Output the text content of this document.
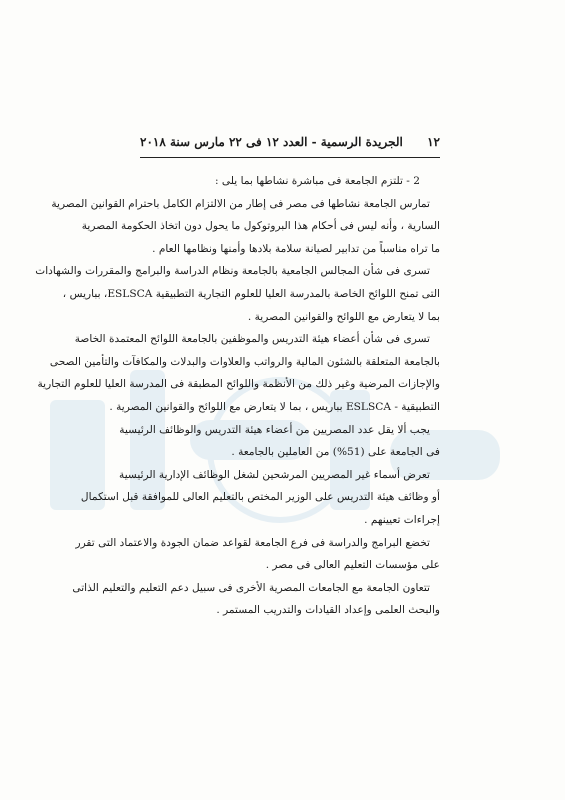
١٢
الجريدة الرسمية - العدد ١٢ فى ٢٢ مارس سنة ٢٠١٨
2 - تلتزم الجامعة فى مباشرة نشاطها بما يلى :
تمارس الجامعة نشاطها فى مصر فى إطار من الالتزام الكامل باحترام القوانين المصرية
السارية ، وأنه ليس فى أحكام هذا البروتوكول ما يحول دون اتخاذ الحكومة المصرية
ما تراه مناسباً من تدابير لصيانة سلامة بلادها وأمنها ونظامها العام .
تسرى فى شأن المجالس الجامعية بالجامعة ونظام الدراسة والبرامج والمقررات والشهادات
التى تمنح اللوائح الخاصة بالمدرسة العليا للعلوم التجارية التطبيقية ESLSCA، بباريس ،
بما لا يتعارض مع اللوائح والقوانين المصرية .
تسرى فى شأن أعضاء هيئة التدريس والموظفين بالجامعة اللوائح المعتمدة الخاصة
بالجامعة المتعلقة بالشئون المالية والرواتب والعلاوات والبدلات والمكافآت والتأمين الصحى
والإجازات المرضية وغير ذلك من الأنظمة واللوائح المطبقة فى المدرسة العليا للعلوم التجارية
التطبيقية - ESLSCA بباريس ، بما لا يتعارض مع اللوائح والقوانين المصرية .
يجب ألا يقل عدد المصريين من أعضاء هيئة التدريس والوظائف الرئيسية
فى الجامعة على (51%) من العاملين بالجامعة .
تعرض أسماء غير المصريين المرشحين لشغل الوظائف الإدارية الرئيسية
أو وظائف هيئة التدريس على الوزير المختص بالتعليم العالى للموافقة قبل استكمال
إجراءات تعيينهم .
تخضع البرامج والدراسة فى فرع الجامعة لقواعد ضمان الجودة والاعتماد التى تقرر
على مؤسسات التعليم العالى فى مصر .
تتعاون الجامعة مع الجامعات المصرية الأخرى فى سبيل دعم التعليم والتعليم الذاتى
والبحث العلمى وإعداد القيادات والتدريب المستمر .
